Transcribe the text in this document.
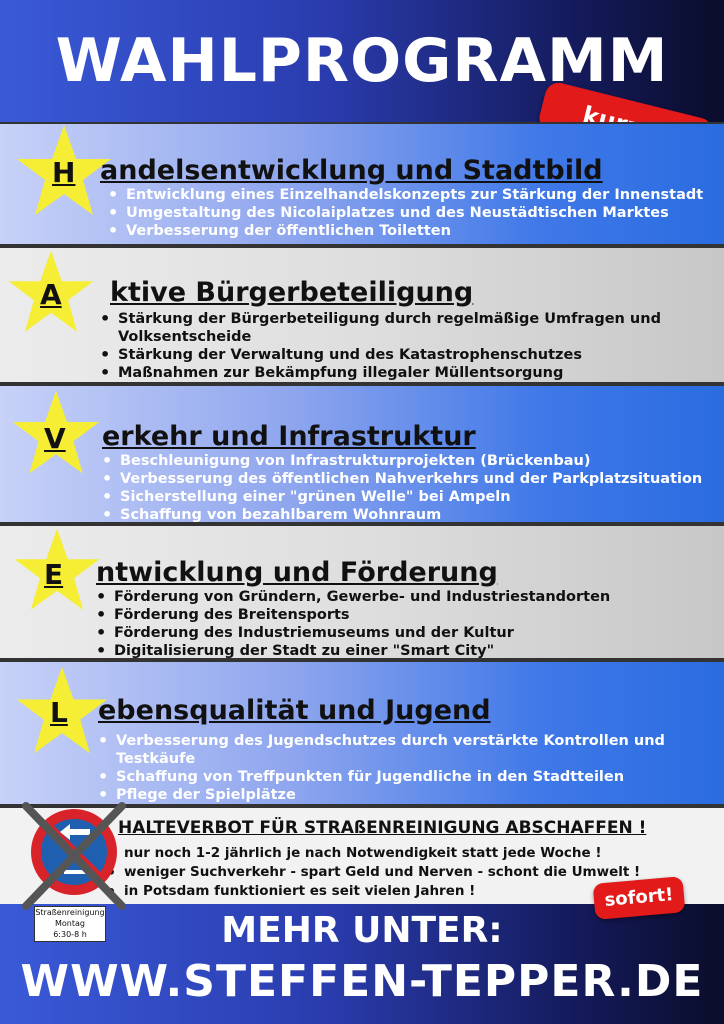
WAHLPROGRAMM
H andelsentwicklung und Stadtbild
• Entwicklung eines Einzelhandelskonzepts zur Stärkung der Innenstadt
• Umgestaltung des Nicolaiplatzes und des Neustädtischen Marktes
• Verbesserung der öffentlichen Toiletten
A ktive Bürgerbeteiligung
• Stärkung der Bürgerbeteiligung durch regelmäßige Umfragen und Volksentscheide
• Stärkung der Verwaltung und des Katastrophenschutzes
• Maßnahmen zur Bekämpfung illegaler Müllentsorgung
V erkehr und Infrastruktur
• Beschleunigung von Infrastrukturprojekten (Brückenbau)
• Verbesserung des öffentlichen Nahverkehrs und der Parkplatzsituation
• Sicherstellung einer "grünen Welle" bei Ampeln
• Schaffung von bezahlbarem Wohnraum
E ntwicklung und Förderung
• Förderung von Gründern, Gewerbe- und Industriestandorten
• Förderung des Breitensports
• Förderung des Industriemuseums und der Kultur
• Digitalisierung der Stadt zu einer "Smart City"
L ebensqualität und Jugend
• Verbesserung des Jugendschutzes durch verstärkte Kontrollen und Testkäufe
• Schaffung von Treffpunkten für Jugendliche in den Stadtteilen
• Pflege der Spielplätze
HALTEVERBOT FÜR STRAßENREINIGUNG ABSCHAFFEN !
• nur noch 1-2 jährlich je nach Notwendigkeit statt jede Woche !
• weniger Suchverkehr - spart Geld und Nerven - schont die Umwelt !
• in Potsdam funktioniert es seit vielen Jahren !
Straßenreinigung
Montag
6:30-8 h
sofort!
MEHR UNTER:
WWW.STEFFEN-TEPPER.DE
